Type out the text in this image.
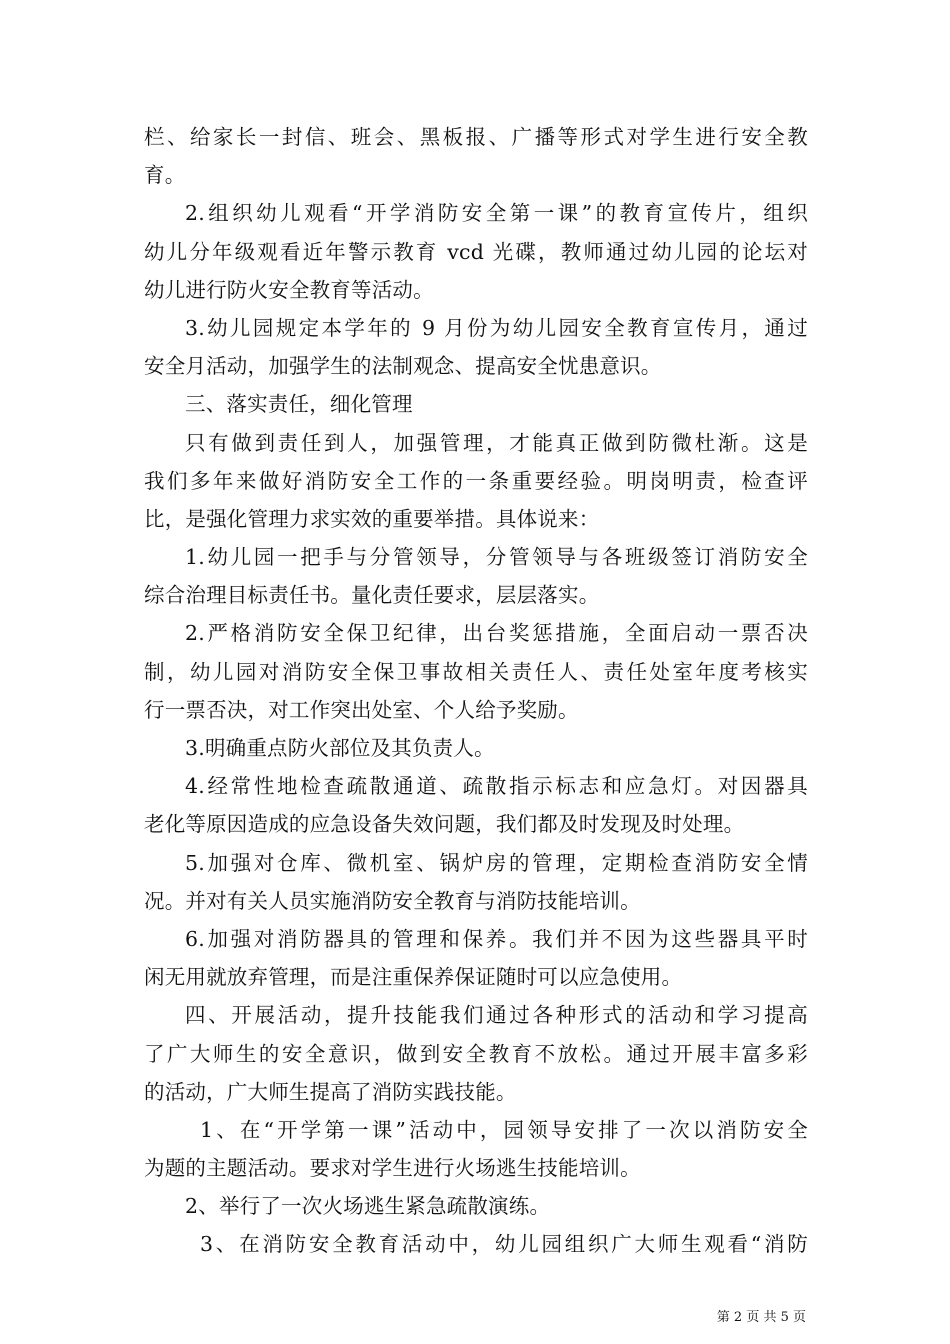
栏、给家长一封信、班会、黑板报、广播等形式对学生进行安全教
育。
2.组织幼儿观看“开学消防安全第一课”的教育宣传片，组织
幼儿分年级观看近年警示教育 vcd 光碟，教师通过幼儿园的论坛对
幼儿进行防火安全教育等活动。
3.幼儿园规定本学年的 9 月份为幼儿园安全教育宣传月，通过
安全月活动，加强学生的法制观念、提高安全忧患意识。
三、落实责任，细化管理
只有做到责任到人，加强管理，才能真正做到防微杜渐。这是
我们多年来做好消防安全工作的一条重要经验。明岗明责，检查评
比，是强化管理力求实效的重要举措。具体说来：
1.幼儿园一把手与分管领导，分管领导与各班级签订消防安全
综合治理目标责任书。量化责任要求，层层落实。
2.严格消防安全保卫纪律，出台奖惩措施，全面启动一票否决
制，幼儿园对消防安全保卫事故相关责任人、责任处室年度考核实
行一票否决，对工作突出处室、个人给予奖励。
3.明确重点防火部位及其负责人。
4.经常性地检查疏散通道、疏散指示标志和应急灯。对因器具
老化等原因造成的应急设备失效问题，我们都及时发现及时处理。
5.加强对仓库、微机室、锅炉房的管理，定期检查消防安全情
况。并对有关人员实施消防安全教育与消防技能培训。
6.加强对消防器具的管理和保养。我们并不因为这些器具平时
闲无用就放弃管理，而是注重保养保证随时可以应急使用。
四、开展活动，提升技能我们通过各种形式的活动和学习提高
了广大师生的安全意识，做到安全教育不放松。通过开展丰富多彩
的活动，广大师生提高了消防实践技能。
1、在“开学第一课”活动中，园领导安排了一次以消防安全
为题的主题活动。要求对学生进行火场逃生技能培训。
2、举行了一次火场逃生紧急疏散演练。
3、在消防安全教育活动中，幼儿园组织广大师生观看“消防
第 2 页 共 5 页
